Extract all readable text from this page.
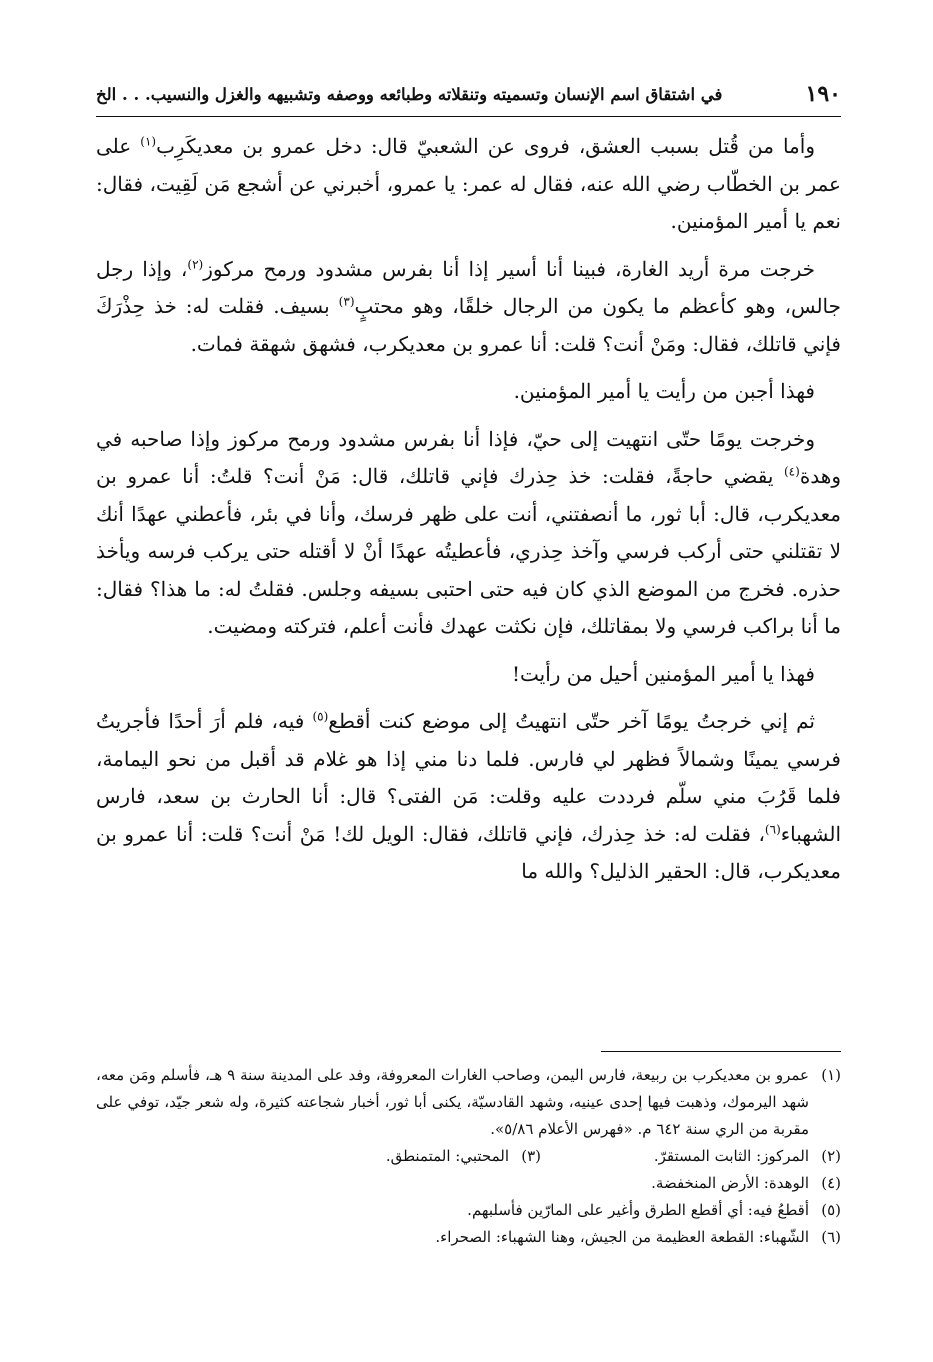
١٩٠
في اشتقاق اسم الإنسان وتسميته وتنقلاته وطبائعه ووصفه وتشبيهه والغزل والنسيب. . . الخ

وأما من قُتل بسبب العشق، فروى عن الشعبيّ قال: دخل عمرو بن معديكَرِب$^{(١)}$ على عمر بن الخطّاب رضي الله عنه، فقال له عمر: يا عمرو، أخبرني عن أشجع مَن لَقِيت، فقال: نعم يا أمير المؤمنين.

خرجت مرة أريد الغارة، فبينا أنا أسير إذا أنا بفرس مشدود ورمح مركوز$^{(٢)}$، وإذا رجل جالس، وهو كأعظم ما يكون من الرجال خلقًا، وهو محتبٍ$^{(٣)}$ بسيف. فقلت له: خذ حِذْرَكَ فإني قاتلك، فقال: ومَنْ أنت؟ قلت: أنا عمرو بن معديكرب، فشهق شهقة فمات.

فهذا أجبن من رأيت يا أمير المؤمنين.

وخرجت يومًا حتّى انتهيت إلى حيّ، فإذا أنا بفرس مشدود ورمح مركوز وإذا صاحبه في وهدة$^{(٤)}$ يقضي حاجةً، فقلت: خذ حِذرك فإني قاتلك، قال: مَنْ أنت؟ قلتُ: أنا عمرو بن معديكرب، قال: أبا ثور، ما أنصفتني، أنت على ظهر فرسك، وأنا في بئر، فأعطني عهدًا أنك لا تقتلني حتى أركب فرسي وآخذ حِذري، فأعطيتُه عهدًا أنْ لا أقتله حتى يركب فرسه ويأخذ حذره. فخرج من الموضع الذي كان فيه حتى احتبى بسيفه وجلس. فقلتُ له: ما هذا؟ فقال: ما أنا براكب فرسي ولا بمقاتلك، فإن نكثت عهدك فأنت أعلم، فتركته ومضيت.

فهذا يا أمير المؤمنين أحيل من رأيت!

ثم إني خرجتُ يومًا آخر حتّى انتهيتُ إلى موضع كنت أقطع$^{(٥)}$ فيه، فلم أرَ أحدًا فأجريتُ فرسي يمينًا وشمالاً فظهر لي فارس. فلما دنا مني إذا هو غلام قد أقبل من نحو اليمامة، فلما قَرُبَ مني سلّم فرددت عليه وقلت: مَن الفتى؟ قال: أنا الحارث بن سعد، فارس الشهباء$^{(٦)}$، فقلت له: خذ حِذرك، فإني قاتلك، فقال: الويل لك! مَنْ أنت؟ قلت: أنا عمرو بن معديكرب، قال: الحقير الذليل؟ والله ما

(١)
عمرو بن معديكرب بن ربيعة، فارس اليمن، وصاحب الغارات المعروفة، وفد على المدينة سنة ٩ هـ، فأسلم ومَن معه، شهد اليرموك، وذهبت فيها إحدى عينيه، وشهد القادسيّة، يكنى أبا ثور، أخبار شجاعته كثيرة، وله شعر جيّد، توفي على مقربة من الري سنة ٦٤٢ م. «فهرس الأعلام ٥/٨٦».
(٢)
المركوز: الثابت المستقرّ.
(٣)
المحتبي: المتمنطق.
(٤)
الوهدة: الأرض المنخفضة.
(٥)
أقطعُ فيه: أي أقطع الطرق وأغير على المارّين فأسلبهم.
(٦)
الشّهباء: القطعة العظيمة من الجيش، وهنا الشهباء: الصحراء.
